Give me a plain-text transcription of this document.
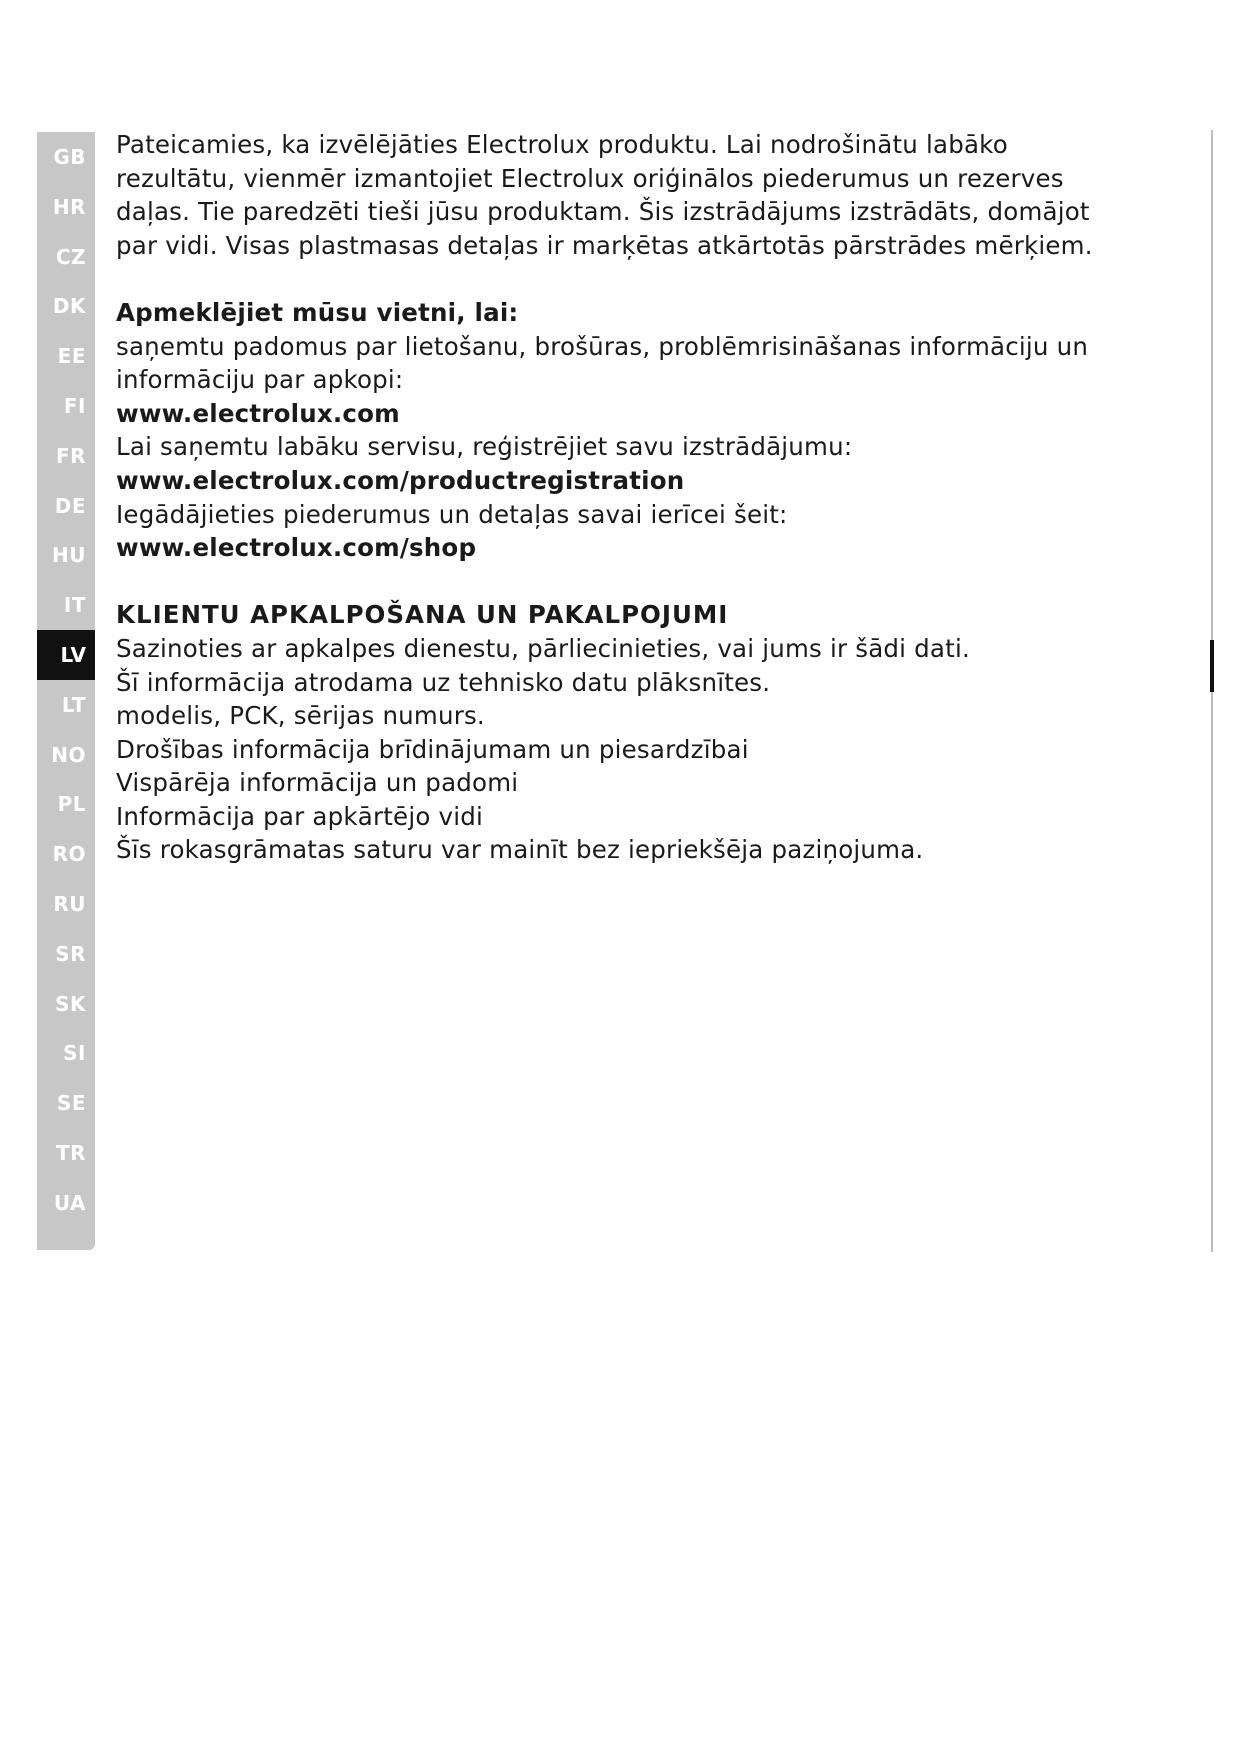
GB
HR
CZ
DK
EE
FI
FR
DE
HU
IT
LV
LT
NO
PL
RO
RU
SR
SK
SI
SE
TR
UA

Pateicamies, ka izvēlējāties Electrolux produktu. Lai nodrošinātu labāko

rezultātu, vienmēr izmantojiet Electrolux oriģinālos piederumus un rezerves

daļas. Tie paredzēti tieši jūsu produktam. Šis izstrādājums izstrādāts, domājot

par vidi. Visas plastmasas detaļas ir marķētas atkārtotās pārstrādes mērķiem.

Apmeklējiet mūsu vietni, lai:

saņemtu padomus par lietošanu, brošūras, problēmrisināšanas informāciju un

informāciju par apkopi:

www.electrolux.com

Lai saņemtu labāku servisu, reģistrējiet savu izstrādājumu:

www.electrolux.com/productregistration

Iegādājieties piederumus un detaļas savai ierīcei šeit:

www.electrolux.com/shop

KLIENTU APKALPOŠANA UN PAKALPOJUMI

Sazinoties ar apkalpes dienestu, pārliecinieties, vai jums ir šādi dati.

Šī informācija atrodama uz tehnisko datu plāksnītes.

modelis, PCK, sērijas numurs.

Drošības informācija brīdinājumam un piesardzībai

Vispārēja informācija un padomi

Informācija par apkārtējo vidi

Šīs rokasgrāmatas saturu var mainīt bez iepriekšēja paziņojuma.
